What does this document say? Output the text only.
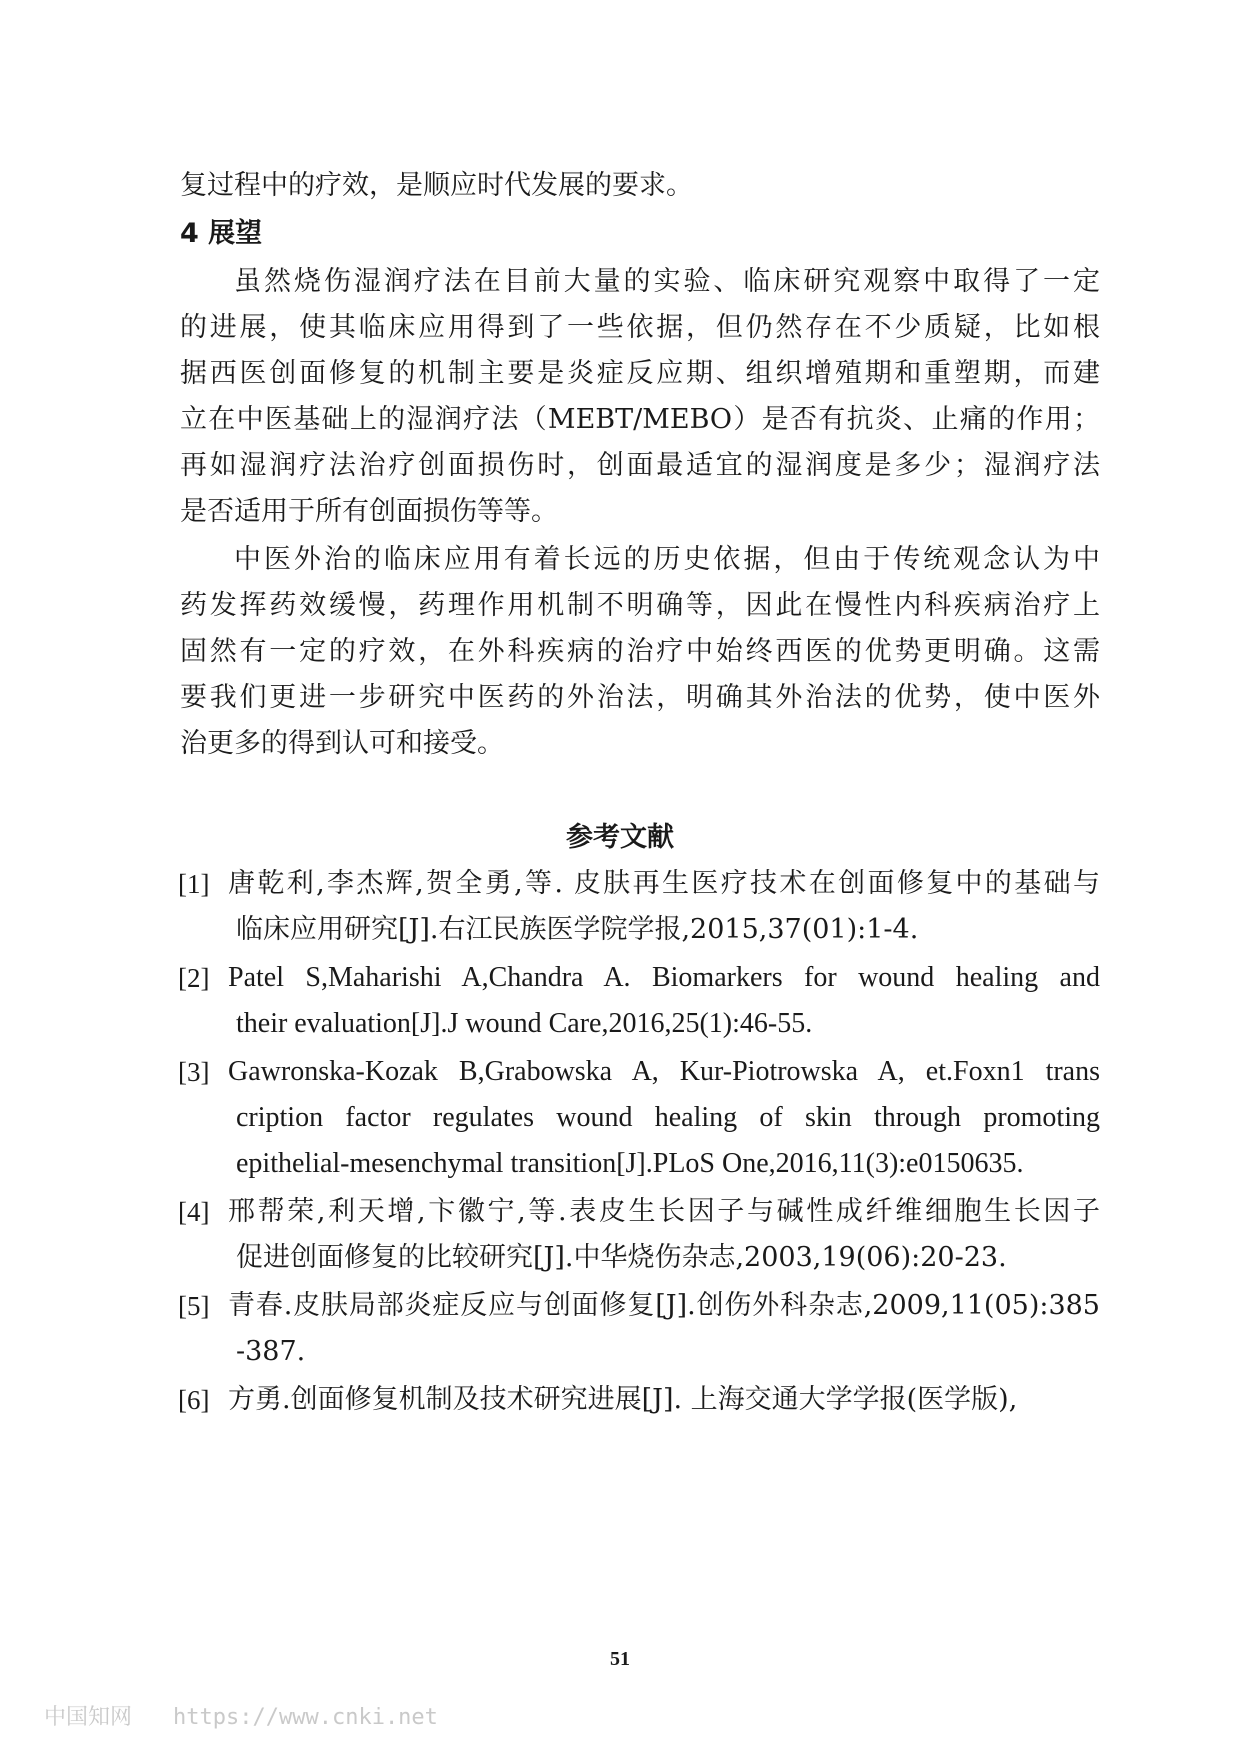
复过程中的疗效，是顺应时代发展的要求。
4 展望
虽然烧伤湿润疗法在目前大量的实验、临床研究观察中取得了一定
的进展，使其临床应用得到了一些依据，但仍然存在不少质疑，比如根
据西医创面修复的机制主要是炎症反应期、组织增殖期和重塑期，而建
立在中医基础上的湿润疗法（MEBT/MEBO）是否有抗炎、止痛的作用；
再如湿润疗法治疗创面损伤时，创面最适宜的湿润度是多少；湿润疗法
是否适用于所有创面损伤等等。
中医外治的临床应用有着长远的历史依据，但由于传统观念认为中
药发挥药效缓慢，药理作用机制不明确等，因此在慢性内科疾病治疗上
固然有一定的疗效，在外科疾病的治疗中始终西医的优势更明确。这需
要我们更进一步研究中医药的外治法，明确其外治法的优势，使中医外
治更多的得到认可和接受。
参考文献
[1] 唐乾利,李杰辉,贺全勇,等. 皮肤再生医疗技术在创面修复中的基础与
临床应用研究[J].右江民族医学院学报,2015,37(01):1-4.
[2] Patel S,Maharishi A,Chandra A. Biomarkers for wound healing and
their evaluation[J].J wound Care,2016,25(1):46-55.
[3] Gawronska-Kozak B,Grabowska A, Kur-Piotrowska A, et.Foxn1 trans
cription factor regulates wound healing of skin through promoting
epithelial-mesenchymal transition[J].PLoS One,2016,11(3):e0150635.
[4] 邢帮荣,利天增,卞徽宁,等.表皮生长因子与碱性成纤维细胞生长因子
促进创面修复的比较研究[J].中华烧伤杂志,2003,19(06):20-23.
[5] 青春.皮肤局部炎症反应与创面修复[J].创伤外科杂志,2009,11(05):385
-387.
[6] 方勇.创面修复机制及技术研究进展[J]. 上海交通大学学报(医学版),
51
中国知网 https://www.cnki.net
